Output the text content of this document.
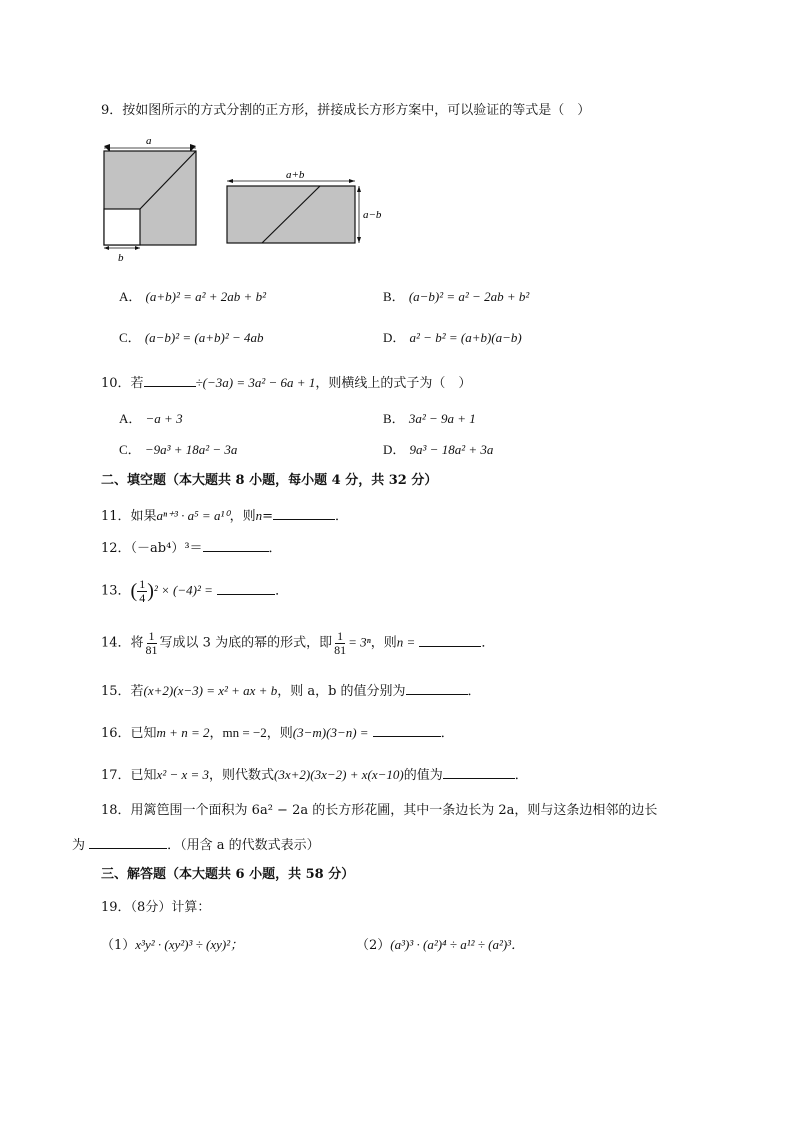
9．按如图所示的方式分割的正方形，拼接成长方形方案中，可以验证的等式是（　）
a
b
a+b
a−b
A． (a+b)² = a² + 2ab + b²	B． (a−b)² = a² − 2ab + b²
C． (a−b)² = (a+b)² − 4ab	D． a² − b² = (a+b)(a−b)
10．若	÷(−3a) = 3a² − 6a + 1，则横线上的式子为（　）
A． −a + 3	B． 3a² − 9a + 1
C． −9a³ + 18a² − 3a	D． 9a³ − 18a² + 3a
二、填空题（本大题共 8 小题，每小题 4 分，共 32 分）
11．如果aⁿ⁺³ · a⁵ = a¹⁰，则n=	．
12．（－ab⁴）³＝	．
13．( $\frac{1}{4} )^2 \times (-4)^2$ =	．
14．将 $\frac{1}{81}$ 写成以 3 为底的幂的形式，即 $\frac{1}{81} = 3^n$，则n =	．
15．若(x+2)(x−3) = x² + ax + b，则 a，b 的值分别为	．
16．已知m + n = 2，mn = −2，则(3−m)(3−n) =	．
17．已知x² − x = 3，则代数式(3x+2)(3x−2) + x(x−10)的值为	．
18．用篱笆围一个面积为 6a² − 2a 的长方形花圃，其中一条边长为 2a，则与这条边相邻的边长
为	．（用含 a 的代数式表示）
三、解答题（本大题共 6 小题，共 58 分）
19．（8分）计算：
（1）x³y² · (xy²)³ ÷ (xy)²；	（2）(a³)³ · (a²)⁴ ÷ a¹² ÷ (a²)³．
